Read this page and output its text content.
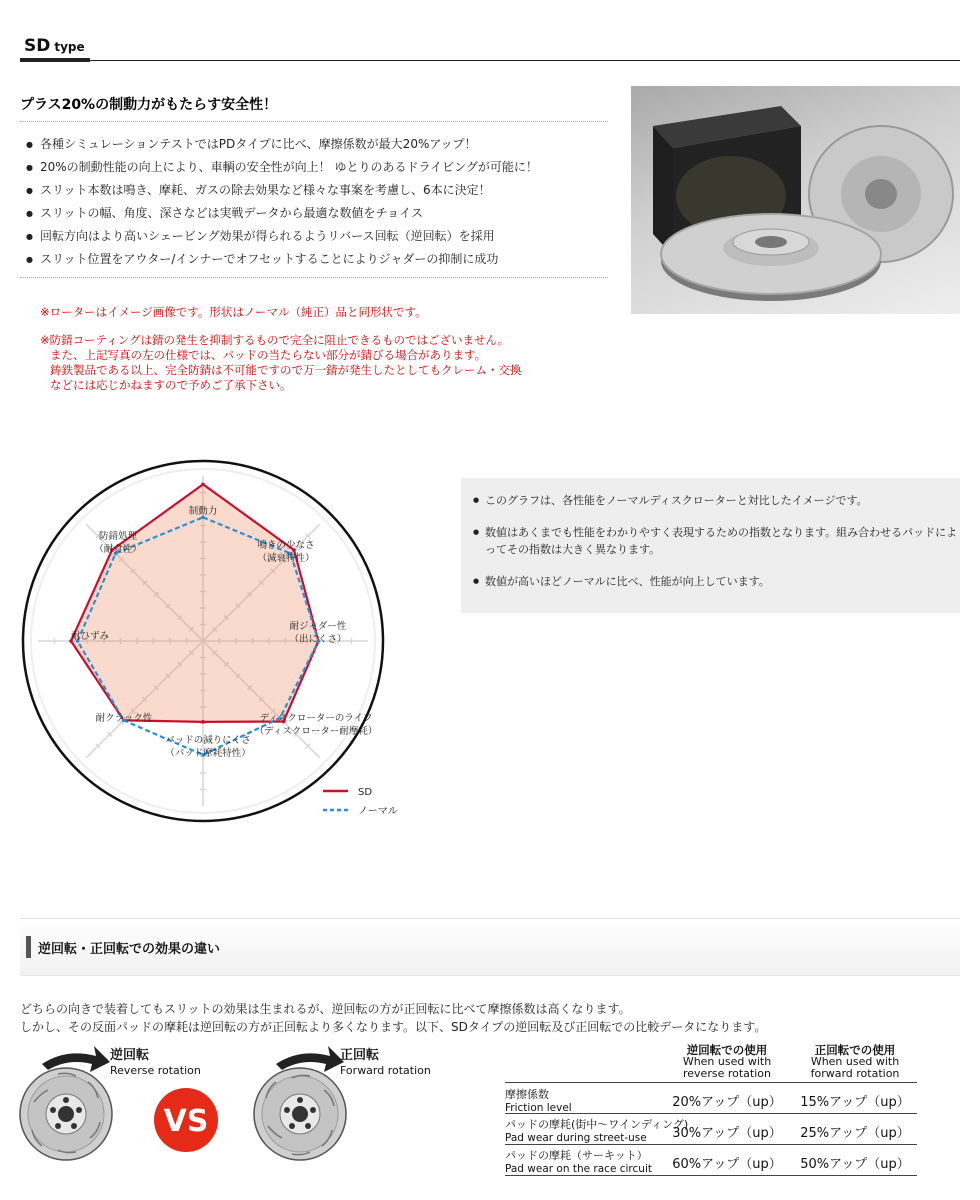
SD type
プラス20%の制動力がもたらす安全性！
● 各種シミュレーションテストではPDタイプに比べ、摩擦係数が最大20%アップ！
● 20%の制動性能の向上により、車輌の安全性が向上！ ゆとりのあるドライビングが可能に！
● スリット本数は鳴き、摩耗、ガスの除去効果など様々な事案を考慮し、6本に決定！
● スリットの幅、角度、深さなどは実戦データから最適な数値をチョイス
● 回転方向はより高いシェービング効果が得られるようリバース回転（逆回転）を採用
● スリット位置をアウター/インナーでオフセットすることによりジャダーの抑制に成功
※ローターはイメージ画像です。形状はノーマル（純正）品と同形状です。
※防錆コーティングは錆の発生を抑制するもので完全に阻止できるものではございません。
また、上記写真の左の仕様では、パッドの当たらない部分が錆びる場合があります。
鋳鉄製品である以上、完全防錆は不可能ですので万一錆が発生したとしてもクレーム・交換
などには応じかねますので予めご了承下さい。
制動力
鳴きの少なさ
（減衰特性）
耐ジャダー性
（出にくさ）
ディスクローターのライフ
（ディスクローター耐摩耗）
パッドの減りにくさ
（パッド摩耗特性）
耐クラック性
耐ひずみ
防錆処理
（耐食性）
SD
ノーマル
● このグラフは、各性能をノーマルディスクローターと対比したイメージです。
● 数値はあくまでも性能をわかりやすく表現するための指数となります。組み合わせるパッドによってその指数は大きく異なります。
● 数値が高いほどノーマルに比べ、性能が向上しています。
逆回転・正回転での効果の違い
どちらの向きで装着してもスリットの効果は生まれるが、逆回転の方が正回転に比べて摩擦係数は高くなります。
しかし、その反面パッドの摩耗は逆回転の方が正回転より多くなります。以下、SDタイプの逆回転及び正回転での比較データになります。
逆回転
Reverse rotation
VS
正回転
Forward rotation
逆回転での使用
When used with
reverse rotation
正回転での使用
When used with
forward rotation
摩擦係数
Friction level	20%アップ（up）	15%アップ（up）
パッドの摩耗(街中～ワインディング)
Pad wear during street-use	30%アップ（up）	25%アップ（up）
パッドの摩耗（サーキット）
Pad wear on the race circuit	60%アップ（up）	50%アップ（up）
